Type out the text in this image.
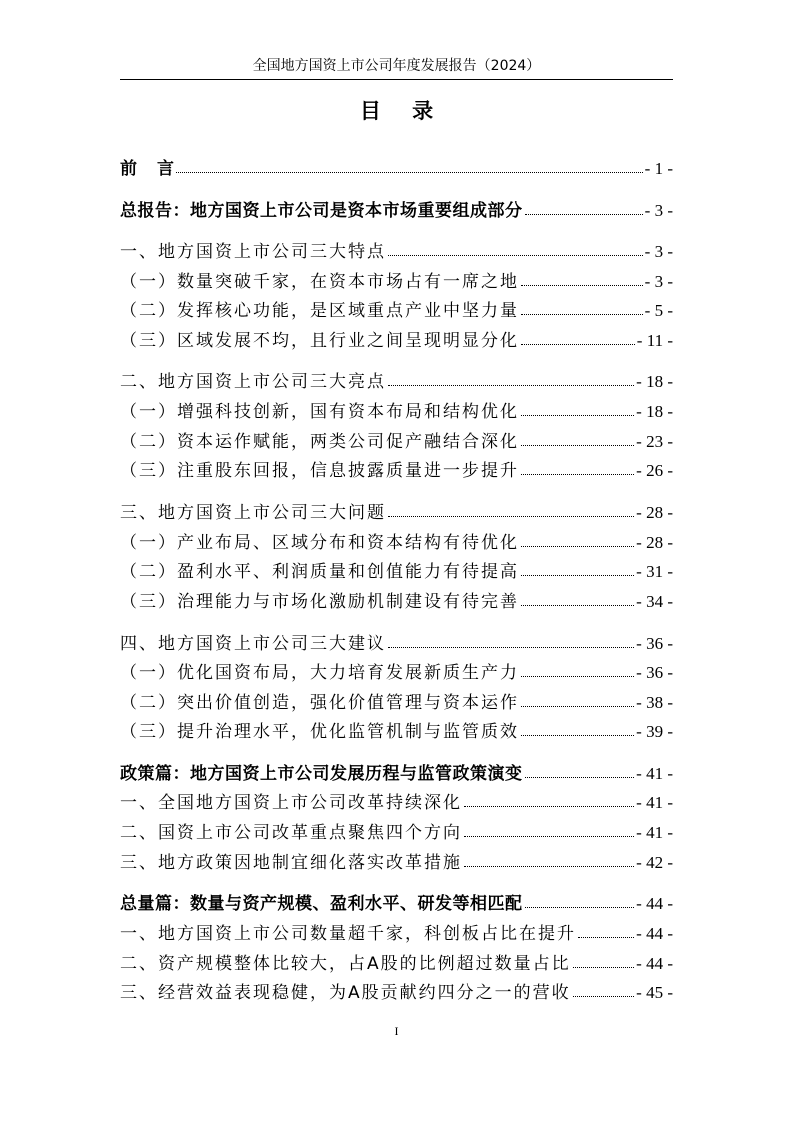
全国地方国资上市公司年度发展报告（2024）
目 录
前 言	- 1 -
总报告：地方国资上市公司是资本市场重要组成部分	- 3 -
一、地方国资上市公司三大特点	- 3 -
（一）数量突破千家，在资本市场占有一席之地	- 3 -
（二）发挥核心功能，是区域重点产业中坚力量	- 5 -
（三）区域发展不均，且行业之间呈现明显分化	- 11 -
二、地方国资上市公司三大亮点	- 18 -
（一）增强科技创新，国有资本布局和结构优化	- 18 -
（二）资本运作赋能，两类公司促产融结合深化	- 23 -
（三）注重股东回报，信息披露质量进一步提升	- 26 -
三、地方国资上市公司三大问题	- 28 -
（一）产业布局、区域分布和资本结构有待优化	- 28 -
（二）盈利水平、利润质量和创值能力有待提高	- 31 -
（三）治理能力与市场化激励机制建设有待完善	- 34 -
四、地方国资上市公司三大建议	- 36 -
（一）优化国资布局，大力培育发展新质生产力	- 36 -
（二）突出价值创造，强化价值管理与资本运作	- 38 -
（三）提升治理水平，优化监管机制与监管质效	- 39 -
政策篇：地方国资上市公司发展历程与监管政策演变	- 41 -
一、全国地方国资上市公司改革持续深化	- 41 -
二、国资上市公司改革重点聚焦四个方向	- 41 -
三、地方政策因地制宜细化落实改革措施	- 42 -
总量篇：数量与资产规模、盈利水平、研发等相匹配	- 44 -
一、地方国资上市公司数量超千家，科创板占比在提升	- 44 -
二、资产规模整体比较大，占A股的比例超过数量占比	- 44 -
三、经营效益表现稳健，为A股贡献约四分之一的营收	- 45 -
I
